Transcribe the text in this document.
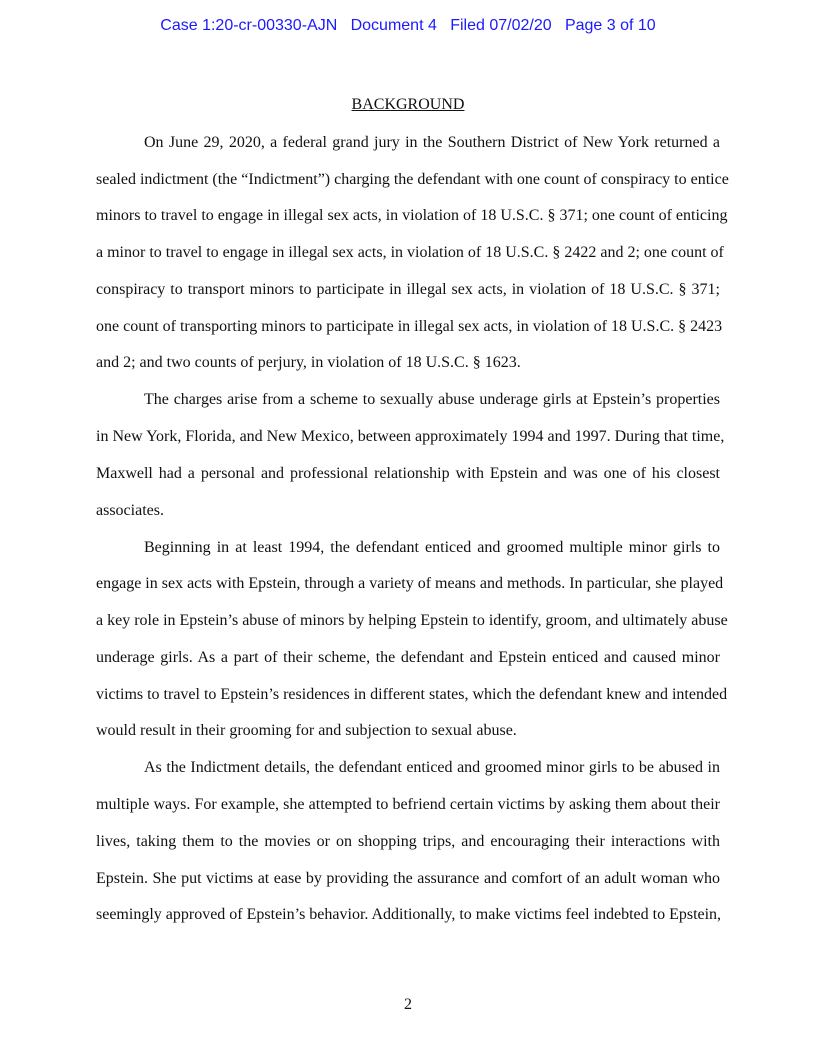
Case 1:20-cr-00330-AJN Document 4 Filed 07/02/20 Page 3 of 10
BACKGROUND
On June 29, 2020, a federal grand jury in the Southern District of New York returned a
sealed indictment (the “Indictment”) charging the defendant with one count of conspiracy to entice
minors to travel to engage in illegal sex acts, in violation of 18 U.S.C. § 371; one count of enticing
a minor to travel to engage in illegal sex acts, in violation of 18 U.S.C. § 2422 and 2; one count of
conspiracy to transport minors to participate in illegal sex acts, in violation of 18 U.S.C. § 371;
one count of transporting minors to participate in illegal sex acts, in violation of 18 U.S.C. § 2423
and 2; and two counts of perjury, in violation of 18 U.S.C. § 1623.
The charges arise from a scheme to sexually abuse underage girls at Epstein’s properties
in New York, Florida, and New Mexico, between approximately 1994 and 1997. During that time,
Maxwell had a personal and professional relationship with Epstein and was one of his closest
associates.
Beginning in at least 1994, the defendant enticed and groomed multiple minor girls to
engage in sex acts with Epstein, through a variety of means and methods. In particular, she played
a key role in Epstein’s abuse of minors by helping Epstein to identify, groom, and ultimately abuse
underage girls. As a part of their scheme, the defendant and Epstein enticed and caused minor
victims to travel to Epstein’s residences in different states, which the defendant knew and intended
would result in their grooming for and subjection to sexual abuse.
As the Indictment details, the defendant enticed and groomed minor girls to be abused in
multiple ways. For example, she attempted to befriend certain victims by asking them about their
lives, taking them to the movies or on shopping trips, and encouraging their interactions with
Epstein. She put victims at ease by providing the assurance and comfort of an adult woman who
seemingly approved of Epstein’s behavior. Additionally, to make victims feel indebted to Epstein,
2
